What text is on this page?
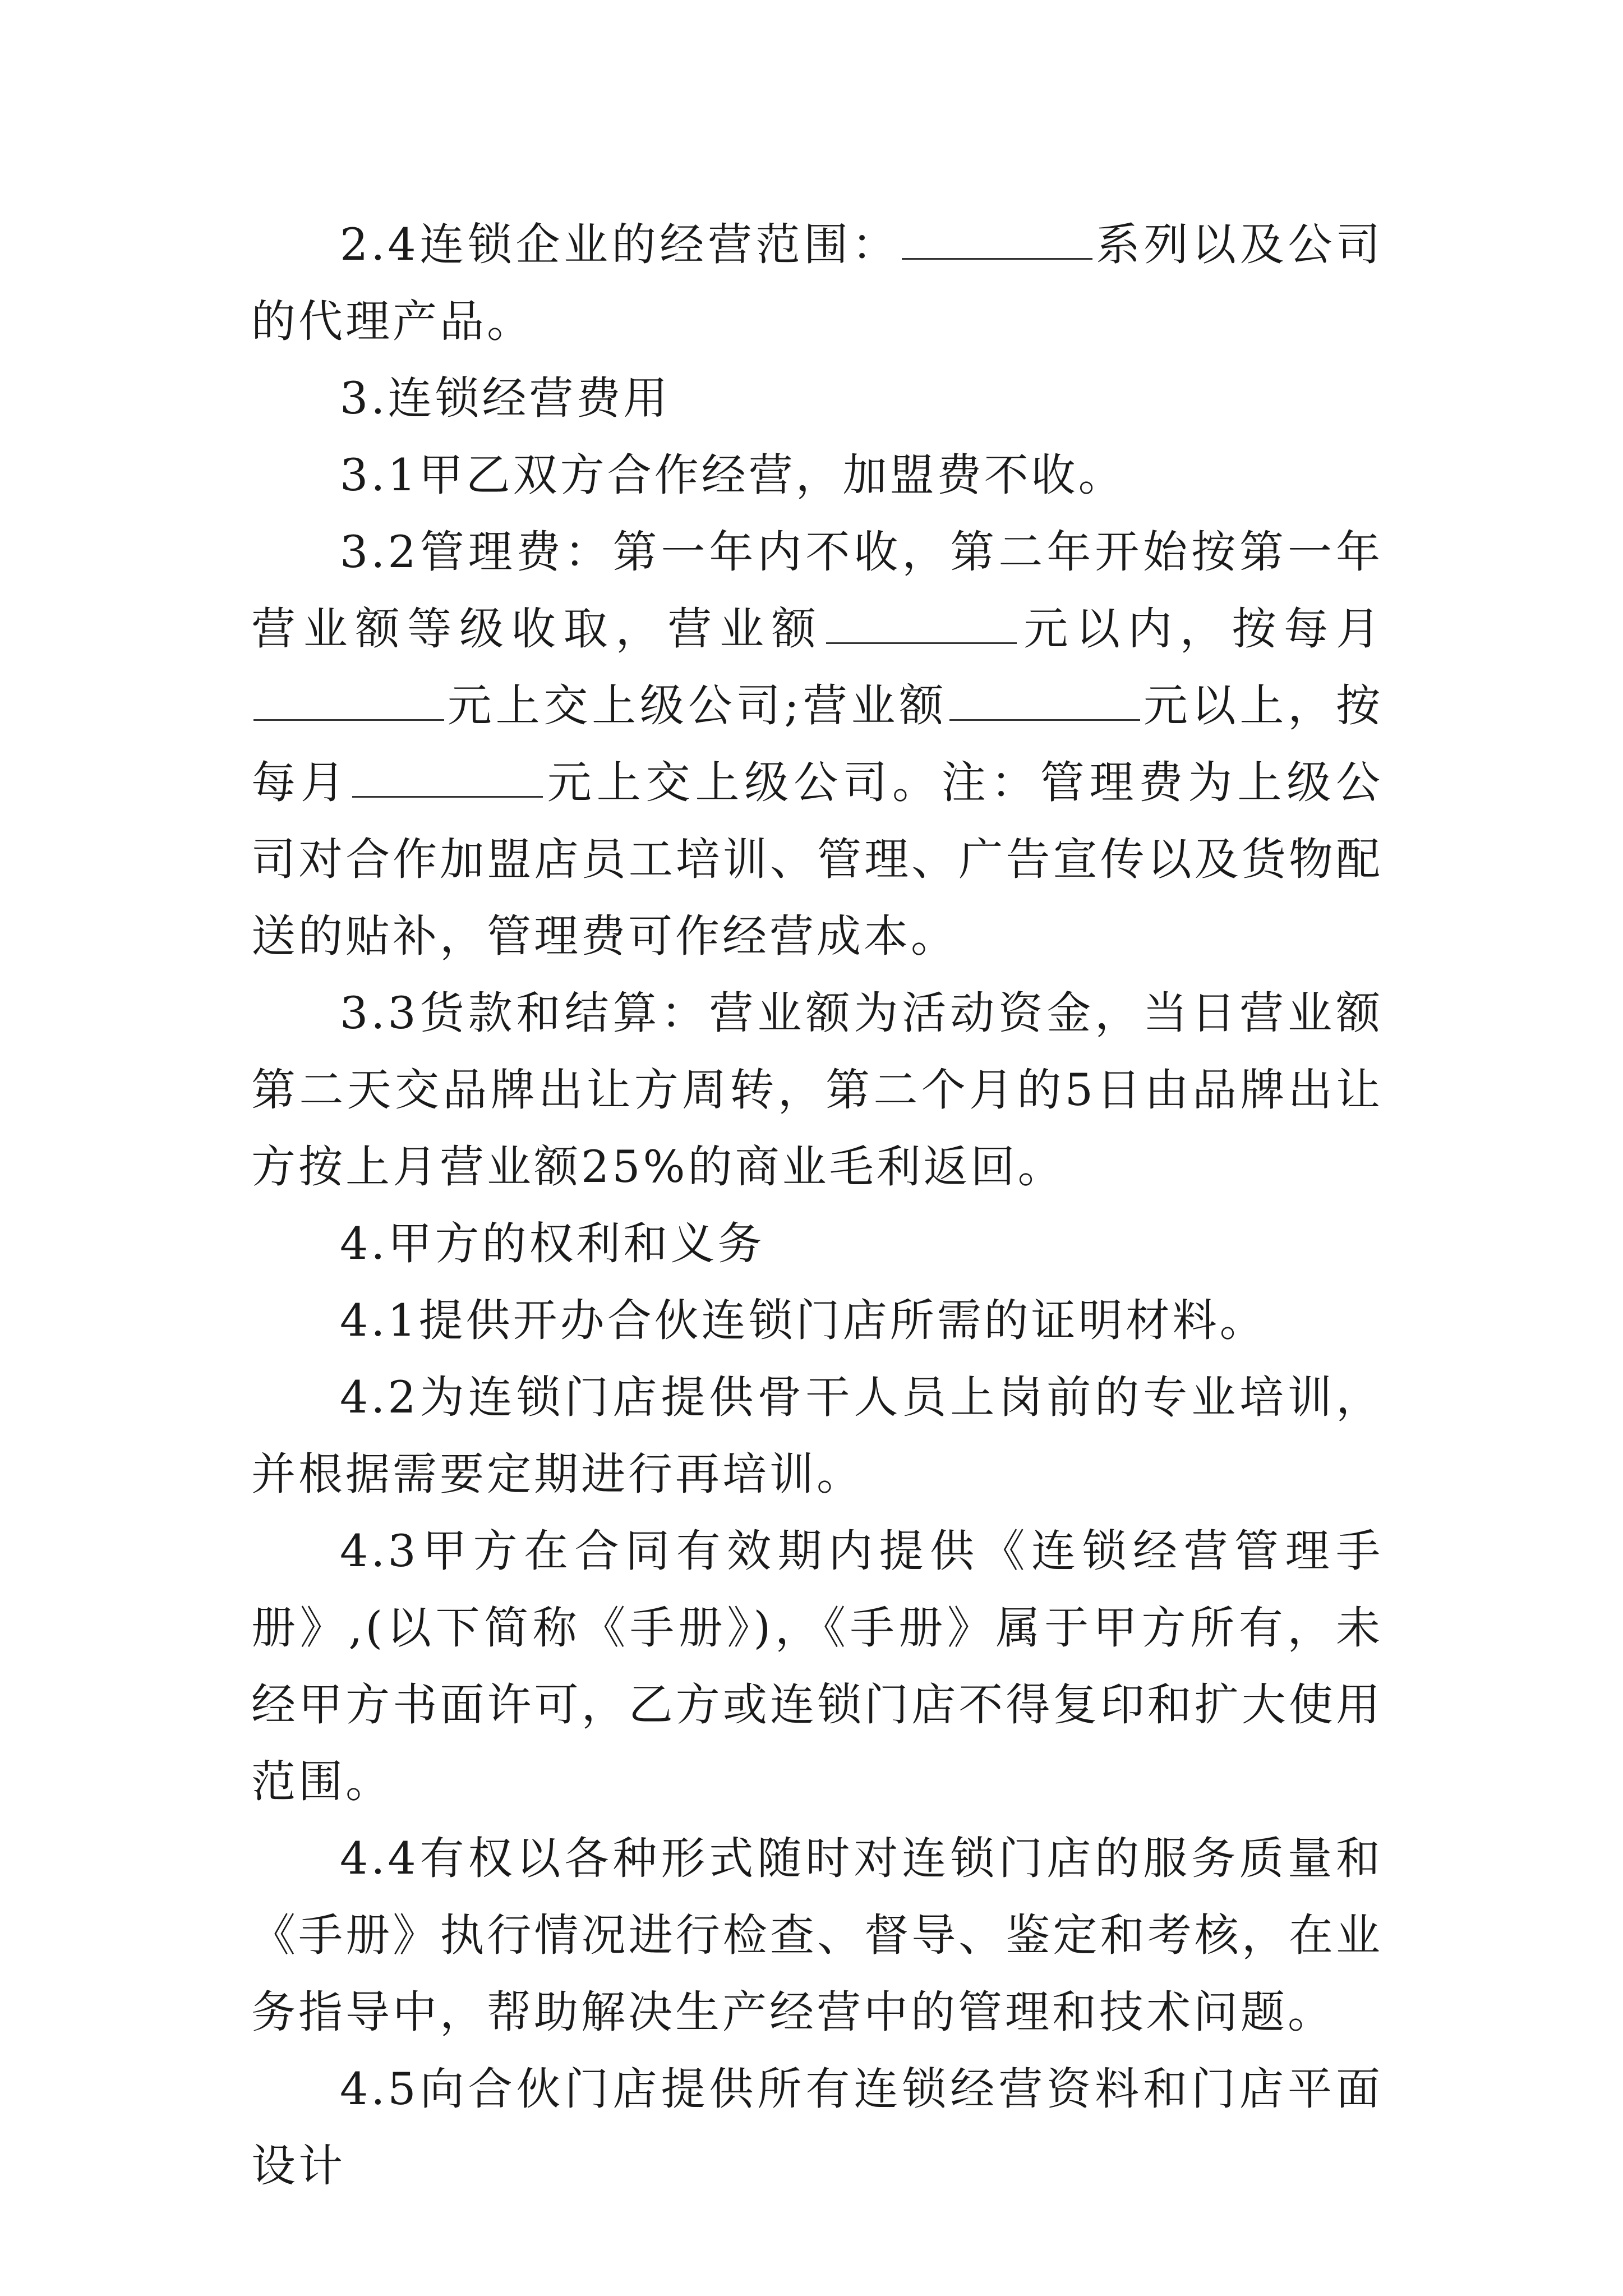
2.4连锁企业的经营范围：	系列以及公司的代理产品。

3.连锁经营费用

3.1甲乙双方合作经营，加盟费不收。

3.2管理费：第一年内不收，第二年开始按第一年营业额等级收取，营业额	元以内，按每月元上交上级公司;营业额	元以上，按每月	元上交上级公司。注：管理费为上级公司对合作加盟店员工培训、管理、广告宣传以及货物配送的贴补，管理费可作经营成本。

3.3货款和结算：营业额为活动资金，当日营业额第二天交品牌出让方周转，第二个月的5日由品牌出让方按上月营业额25%的商业毛利返回。

4.甲方的权利和义务

4.1提供开办合伙连锁门店所需的证明材料。

4.2为连锁门店提供骨干人员上岗前的专业培训，并根据需要定期进行再培训。

4.3甲方在合同有效期内提供《连锁经营管理手册》,(以下简称《手册》)，《手册》属于甲方所有，未经甲方书面许可，乙方或连锁门店不得复印和扩大使用范围。

4.4有权以各种形式随时对连锁门店的服务质量和《手册》执行情况进行检查、督导、鉴定和考核，在业务指导中，帮助解决生产经营中的管理和技术问题。

4.5向合伙门店提供所有连锁经营资料和门店平面设计
